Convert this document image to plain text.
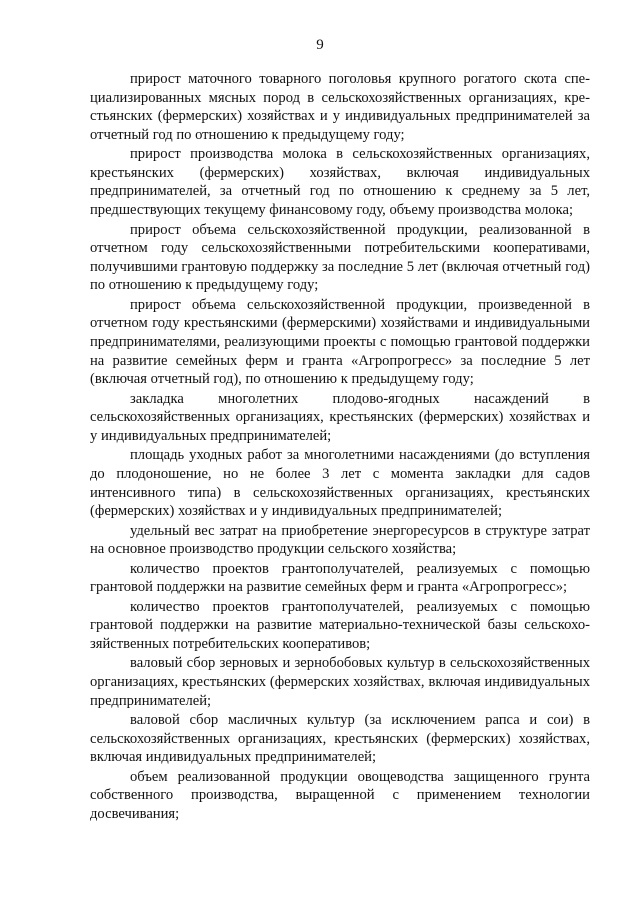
9

прирост маточного товарного поголовья крупного рогатого скота специализированных мясных пород в сельскохозяйственных организациях, крестьянских (фермерских) хозяйствах и у индивидуальных предпринимателей за отчетный год по отношению к предыдущему году;

прирост производства молока в сельскохозяйственных организациях, крестьянских (фермерских) хозяйствах, включая индивидуальных предпринимателей, за отчетный год по отношению к среднему за 5 лет, предшествующих текущему финансовому году, объему производства молока;

прирост объема сельскохозяйственной продукции, реализованной в отчетном году сельскохозяйственными потребительскими кооперативами, получившими грантовую поддержку за последние 5 лет (включая отчетный год) по отношению к предыдущему году;

прирост объема сельскохозяйственной продукции, произведенной в отчетном году крестьянскими (фермерскими) хозяйствами и индивидуальными предпринимателями, реализующими проекты с помощью грантовой поддержки на развитие семейных ферм и гранта «Агропрогресс» за последние 5 лет (включая отчетный год), по отношению к предыдущему году;

закладка многолетних плодово-ягодных насаждений в сельскохозяйственных организациях, крестьянских (фермерских) хозяйствах и у индивидуальных предпринимателей;

площадь уходных работ за многолетними насаждениями (до вступления до плодоношение, но не более 3 лет с момента закладки для садов интенсивного типа) в сельскохозяйственных организациях, крестьянских (фермерских) хозяйствах и у индивидуальных предпринимателей;

удельный вес затрат на приобретение энергоресурсов в структуре затрат на основное производство продукции сельского хозяйства;

количество проектов грантополучателей, реализуемых с помощью грантовой поддержки на развитие семейных ферм и гранта «Агропрогресс»;

количество проектов грантополучателей, реализуемых с помощью грантовой поддержки на развитие материально-технической базы сельскохозяйственных потребительских кооперативов;

валовый сбор зерновых и зернобобовых культур в сельскохозяйственных организациях, крестьянских (фермерских хозяйствах, включая индивидуальных предпринимателей;

валовой сбор масличных культур (за исключением рапса и сои) в сельскохозяйственных организациях, крестьянских (фермерских) хозяйствах, включая индивидуальных предпринимателей;

объем реализованной продукции овощеводства защищенного грунта собственного производства, выращенной с применением технологии досвечивания;
